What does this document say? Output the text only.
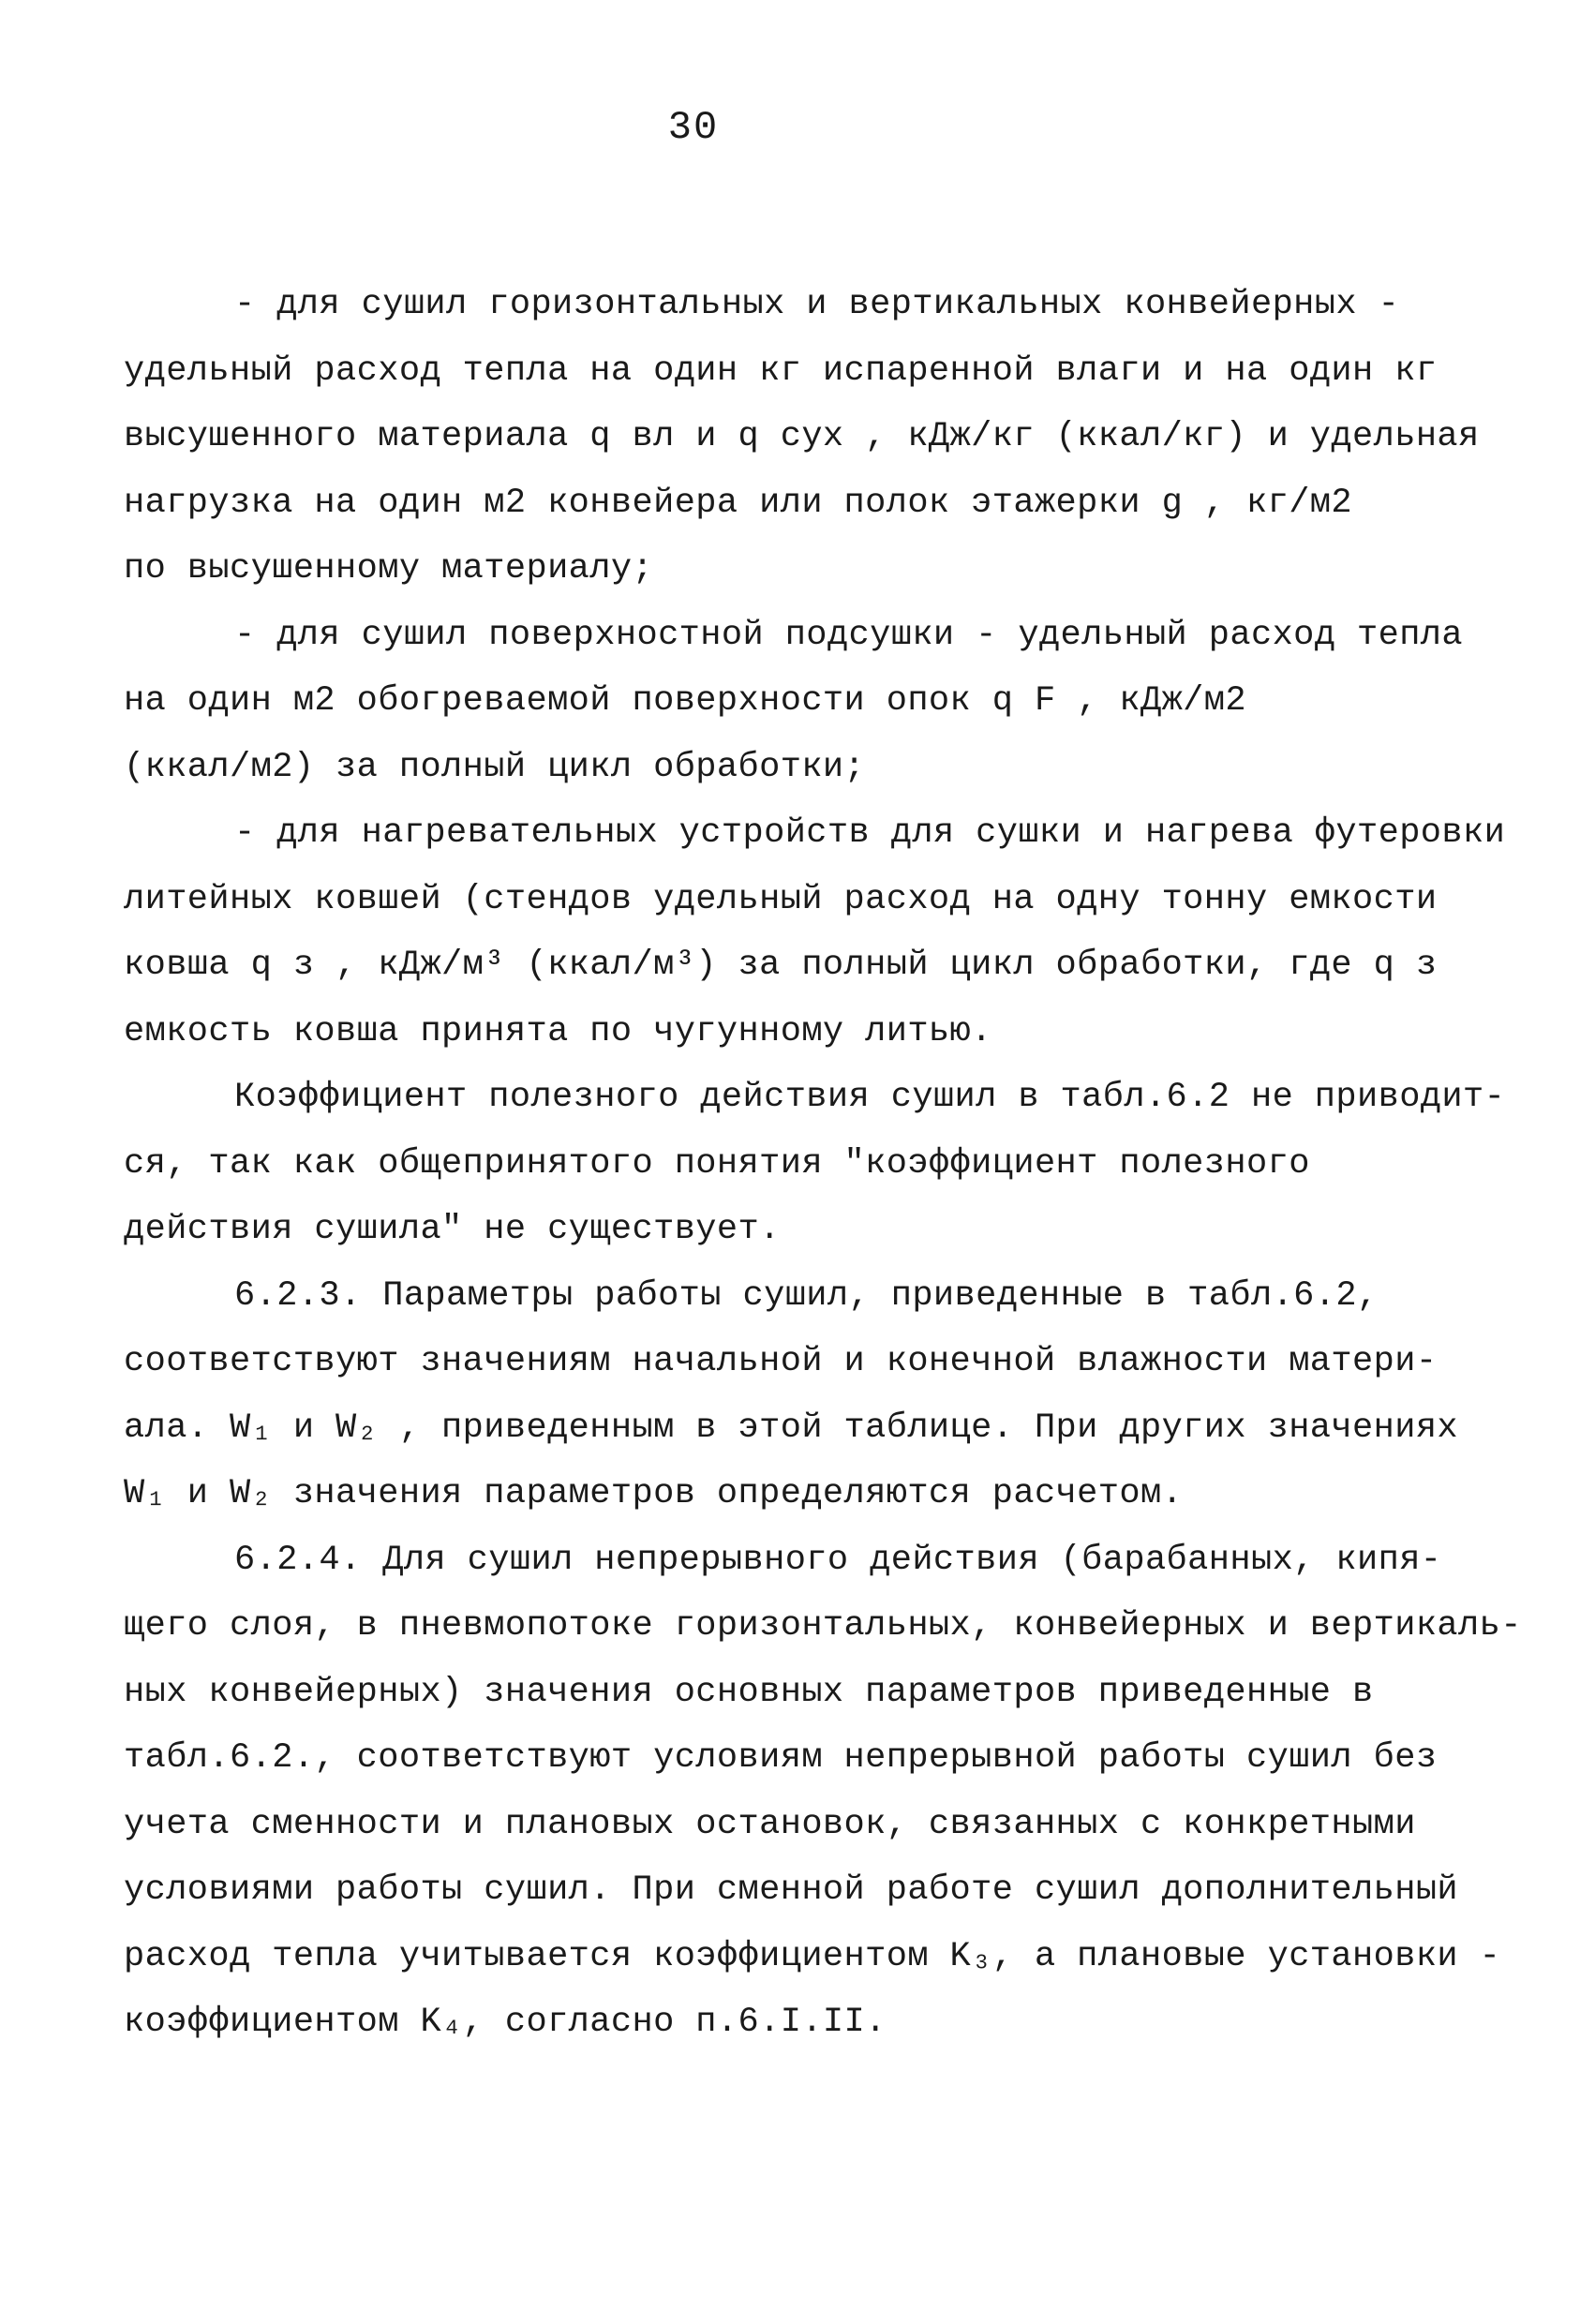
30
- для сушил горизонтальных и вертикальных конвейерных -
удельный расход тепла на один кг испаренной влаги и на один кг
высушенного материала q вл и q сух , кДж/кг (ккал/кг) и удельная
нагрузка на один м2 конвейера или полок этажерки g , кг/м2
по высушенному материалу;
- для сушил поверхностной подсушки - удельный расход тепла
на один м2 обогреваемой поверхности опок q F , кДж/м2
(ккал/м2) за полный цикл обработки;
- для нагревательных устройств для сушки и нагрева футеровки
литейных ковшей (стендов удельный расход на одну тонну емкости
ковша q з , кДж/м³ (ккал/м³) за полный цикл обработки, где q з
емкость ковша принята по чугунному литью.
Коэффициент полезного действия сушил в табл.6.2 не приводит-
ся, так как общепринятого понятия "коэффициент полезного
действия сушила" не существует.
6.2.3. Параметры работы сушил, приведенные в табл.6.2,
соответствуют значениям начальной и конечной влажности матери-
ала. W₁ и W₂ , приведенным в этой таблице. При других значениях
W₁ и W₂ значения параметров определяются расчетом.
6.2.4. Для сушил непрерывного действия (барабанных, кипя-
щего слоя, в пневмопотоке горизонтальных, конвейерных и вертикаль-
ных конвейерных) значения основных параметров приведенные в
табл.6.2., соответствуют условиям непрерывной работы сушил без
учета сменности и плановых остановок, связанных с конкретными
условиями работы сушил. При сменной работе сушил дополнительный
расход тепла учитывается коэффициентом K₃, а плановые установки -
коэффициентом K₄, согласно п.6.I.II.
